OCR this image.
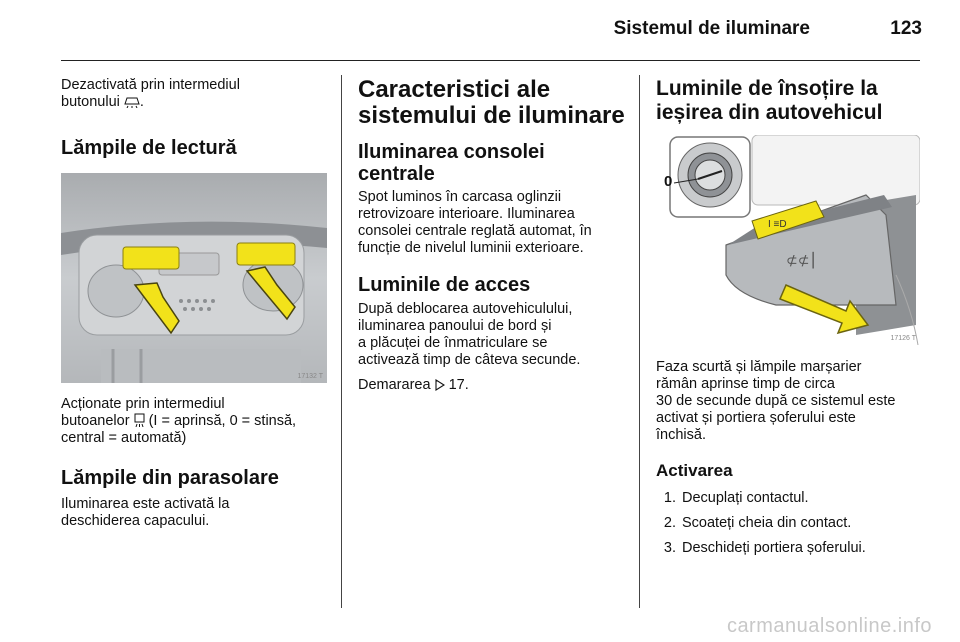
Sistemul de iluminare	123

Dezactivată prin intermediul
butonului .

Lămpile de lectură
17132 T

Acționate prin intermediul
butoanelor (I = aprinsă, 0 = stinsă,
central = automată)

Lămpile din parasolare

Iluminarea este activată la
deschiderea capacului.

Caracteristici ale
sistemului de iluminare
Iluminarea consolei
centrale

Spot luminos în carcasa oglinzii
retrovizoare interioare. Iluminarea
consolei centrale reglată automat, în
funcție de nivelul luminii exterioare.

Luminile de acces

După deblocarea autovehiculului,
iluminarea panoului de bord și
a plăcuței de înmatriculare se
activează timp de câteva secunde.

Demararea 17.

Luminile de însoțire la
ieșirea din autovehicul
I ≡D
⊄⊄⎮
0
17126 T

Faza scurtă și lămpile marșarier
rămân aprinse timp de circa
30 de secunde după ce sistemul este
activat și portiera șoferului este
închisă.

Activarea
1. Decuplați contactul.
2. Scoateți cheia din contact.
3. Deschideți portiera șoferului.
carmanualsonline.info
